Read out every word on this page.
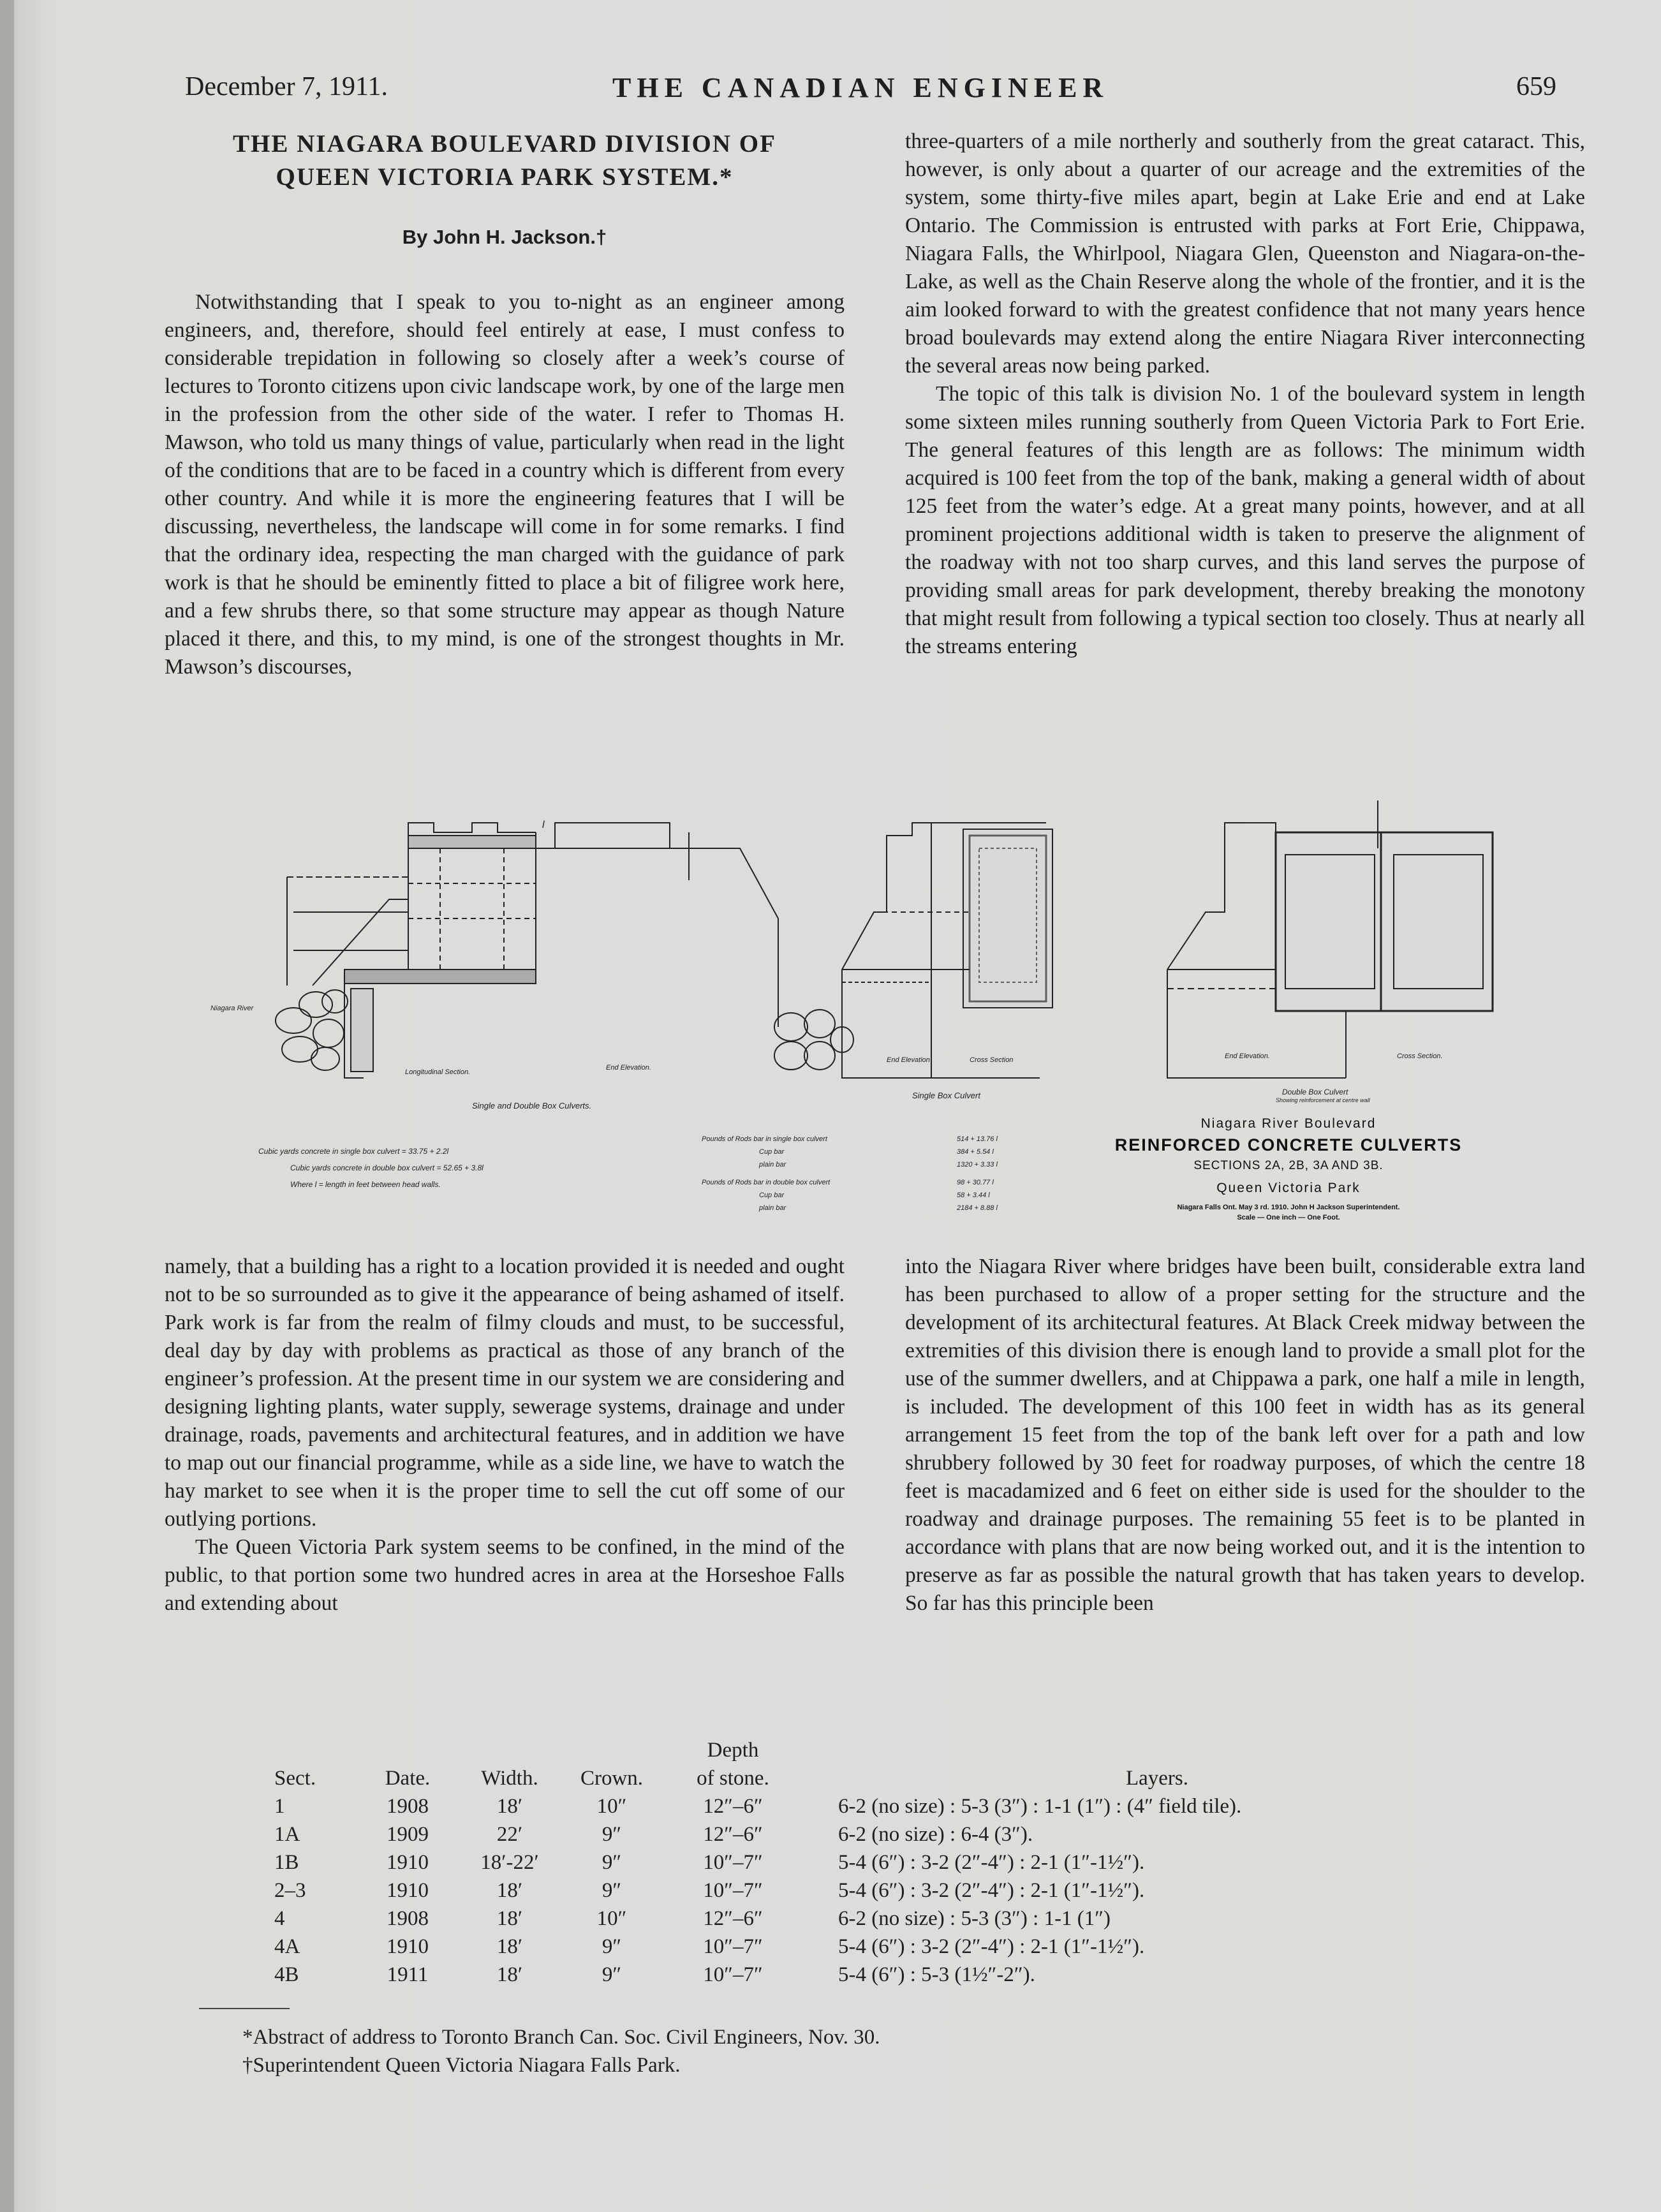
December 7, 1911.	THE CANADIAN ENGINEER	659
THE NIAGARA BOULEVARD DIVISION OF
QUEEN VICTORIA PARK SYSTEM.*
By John H. Jackson.†

Notwithstanding that I speak to you to-night as an engineer among engineers, and, therefore, should feel entirely at ease, I must confess to considerable trepidation in following so closely after a week’s course of lectures to Toronto citizens upon civic landscape work, by one of the large men in the profession from the other side of the water. I refer to Thomas H. Mawson, who told us many things of value, particularly when read in the light of the conditions that are to be faced in a country which is different from every other country. And while it is more the engineering features that I will be discussing, nevertheless, the landscape will come in for some remarks. I find that the ordinary idea, respecting the man charged with the guidance of park work is that he should be eminently fitted to place a bit of filigree work here, and a few shrubs there, so that some structure may appear as though Nature placed it there, and this, to my mind, is one of the strongest thoughts in Mr. Mawson’s discourses,

three-quarters of a mile northerly and southerly from the great cataract. This, however, is only about a quarter of our acreage and the extremities of the system, some thirty-five miles apart, begin at Lake Erie and end at Lake Ontario. The Commission is entrusted with parks at Fort Erie, Chippawa, Niagara Falls, the Whirlpool, Niagara Glen, Queenston and Niagara-on-the-Lake, as well as the Chain Reserve along the whole of the frontier, and it is the aim looked forward to with the greatest confidence that not many years hence broad boulevards may extend along the entire Niagara River interconnecting the several areas now being parked.

The topic of this talk is division No. 1 of the boulevard system in length some sixteen miles running southerly from Queen Victoria Park to Fort Erie. The general features of this length are as follows: The minimum width acquired is 100 feet from the top of the bank, making a general width of about 125 feet from the water’s edge. At a great many points, however, and at all prominent projections additional width is taken to preserve the alignment of the roadway with not too sharp curves, and this land serves the purpose of providing small areas for park development, thereby breaking the monotony that might result from following a typical section too closely. Thus at nearly all the streams entering

Niagara River
Longitudinal Section.
End Elevation.
Single and Double Box Culverts.
Single Box Culvert
End Elevation	Cross Section	End Elevation.	Cross Section.
Double Box Culvert
Showing reinforcement at centre wall
l
Cubic yards concrete in single box culvert = 33.75 + 2.2l
Cubic yards concrete in double box culvert = 52.65 + 3.8l
Where l = length in feet between head walls.
Pounds of Rods bar in single box culvert	514 + 13.76 l
Cup bar	384 + 5.54 l
plain bar	1320 + 3.33 l
Pounds of Rods bar in double box culvert	98 + 30.77 l
Cup bar	58 + 3.44 l
plain bar	2184 + 8.88 l
Niagara River Boulevard
REINFORCED CONCRETE CULVERTS
SECTIONS 2A, 2B, 3A AND 3B.
Queen Victoria Park
Niagara Falls Ont. May 3 rd. 1910. John H Jackson Superintendent.
Scale — One inch — One Foot.

namely, that a building has a right to a location provided it is needed and ought not to be so surrounded as to give it the appearance of being ashamed of itself. Park work is far from the realm of filmy clouds and must, to be successful, deal day by day with problems as practical as those of any branch of the engineer’s profession. At the present time in our system we are considering and designing lighting plants, water supply, sewerage systems, drainage and under drainage, roads, pavements and architectural features, and in addition we have to map out our financial programme, while as a side line, we have to watch the hay market to see when it is the proper time to sell the cut off some of our outlying portions.

The Queen Victoria Park system seems to be confined, in the mind of the public, to that portion some two hundred acres in area at the Horseshoe Falls and extending about

into the Niagara River where bridges have been built, considerable extra land has been purchased to allow of a proper setting for the structure and the development of its architectural features. At Black Creek midway between the extremities of this division there is enough land to provide a small plot for the use of the summer dwellers, and at Chippawa a park, one half a mile in length, is included. The development of this 100 feet in width has as its general arrangement 15 feet from the top of the bank left over for a path and low shrubbery followed by 30 feet for roadway purposes, of which the centre 18 feet is macadamized and 6 feet on either side is used for the shoulder to the roadway and drainage purposes. The remaining 55 feet is to be planted in accordance with plans that are now being worked out, and it is the intention to preserve as far as possible the natural growth that has taken years to develop. So far has this principle been

Sect.	Date.	Width.	Crown.	Depth
of stone.	Layers.
1	1908	18′	10″	12″–6″	6-2 (no size) : 5-3 (3″) : 1-1 (1″) : (4″ field tile).
1A	1909	22′	9″	12″–6″	6-2 (no size) : 6-4 (3″).
1B	1910	18′-22′	9″	10″–7″	5-4 (6″) : 3-2 (2″-4″) : 2-1 (1″-1½″).
2–3	1910	18′	9″	10″–7″	5-4 (6″) : 3-2 (2″-4″) : 2-1 (1″-1½″).
4	1908	18′	10″	12″–6″	6-2 (no size) : 5-3 (3″) : 1-1 (1″)
4A	1910	18′	9″	10″–7″	5-4 (6″) : 3-2 (2″-4″) : 2-1 (1″-1½″).
4B	1911	18′	9″	10″–7″	5-4 (6″) : 5-3 (1½″-2″).
*Abstract of address to Toronto Branch Can. Soc. Civil Engineers, Nov. 30.
†Superintendent Queen Victoria Niagara Falls Park.
